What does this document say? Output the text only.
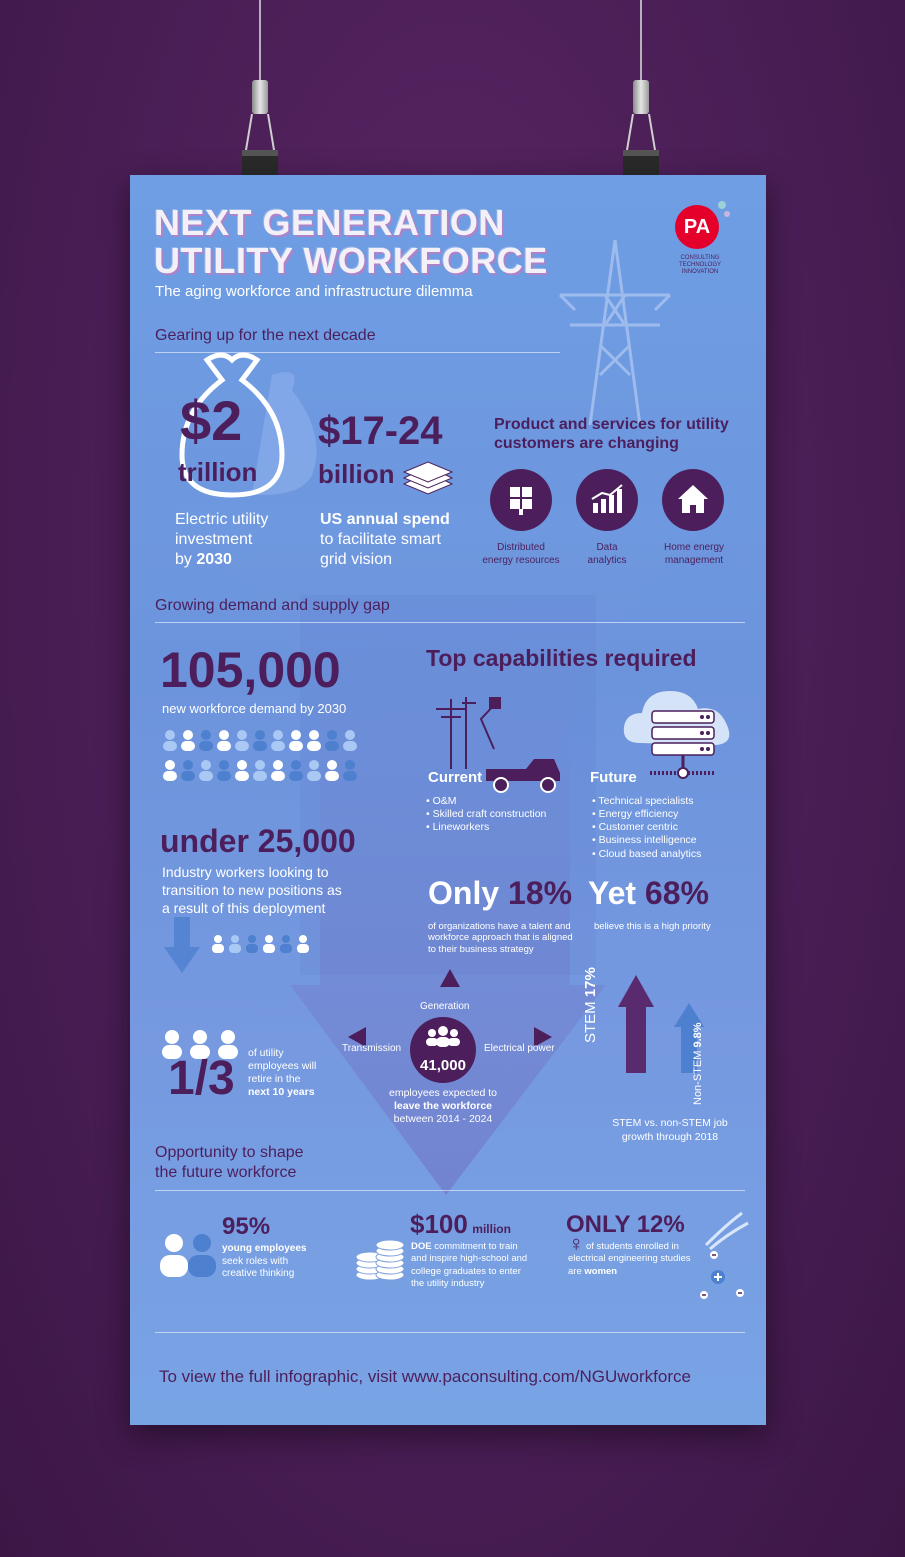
NEXT GENERATION
UTILITY WORKFORCE
The aging workforce and infrastructure dilemma
PA
CONSULTING
TECHNOLOGY
INNOVATION
Gearing up for the next decade
$2
trillion
Electric utility
investment
by 2030
$17-24
billion
US annual spend
to facilitate smart
grid vision
Product and services for utility
customers are changing
Distributed
energy resources
Data
analytics
Home energy
management
Growing demand and supply gap
105,000
new workforce demand by 2030
under 25,000
Industry workers looking to
transition to new positions as
a result of this deployment
Top capabilities required
Current
• O&M
• Skilled craft construction
• Lineworkers
Future
• Technical specialists
• Energy efficiency
• Customer centric
• Business intelligence
• Cloud based analytics
Only 18%
of organizations have a talent and
workforce approach that is aligned
to their business strategy
Yet 68%
believe this is a high priority
Generation
Transmission	Electrical power
41,000
employees expected to
leave the workforce
between 2014 - 2024
1/3 of utility
employees will
retire in the
next 10 years
STEM 17%
Non-STEM 9.8%
STEM vs. non-STEM job
growth through 2018
Opportunity to shape
the future workforce
95%
young employees
seek roles with
creative thinking
$100 million
DOE commitment to train
and inspire high-school and
college graduates to enter
the utility industry
ONLY 12%
♀ of students enrolled in
electrical engineering studies
are women
To view the full infographic, visit www.paconsulting.com/NGUworkforce
